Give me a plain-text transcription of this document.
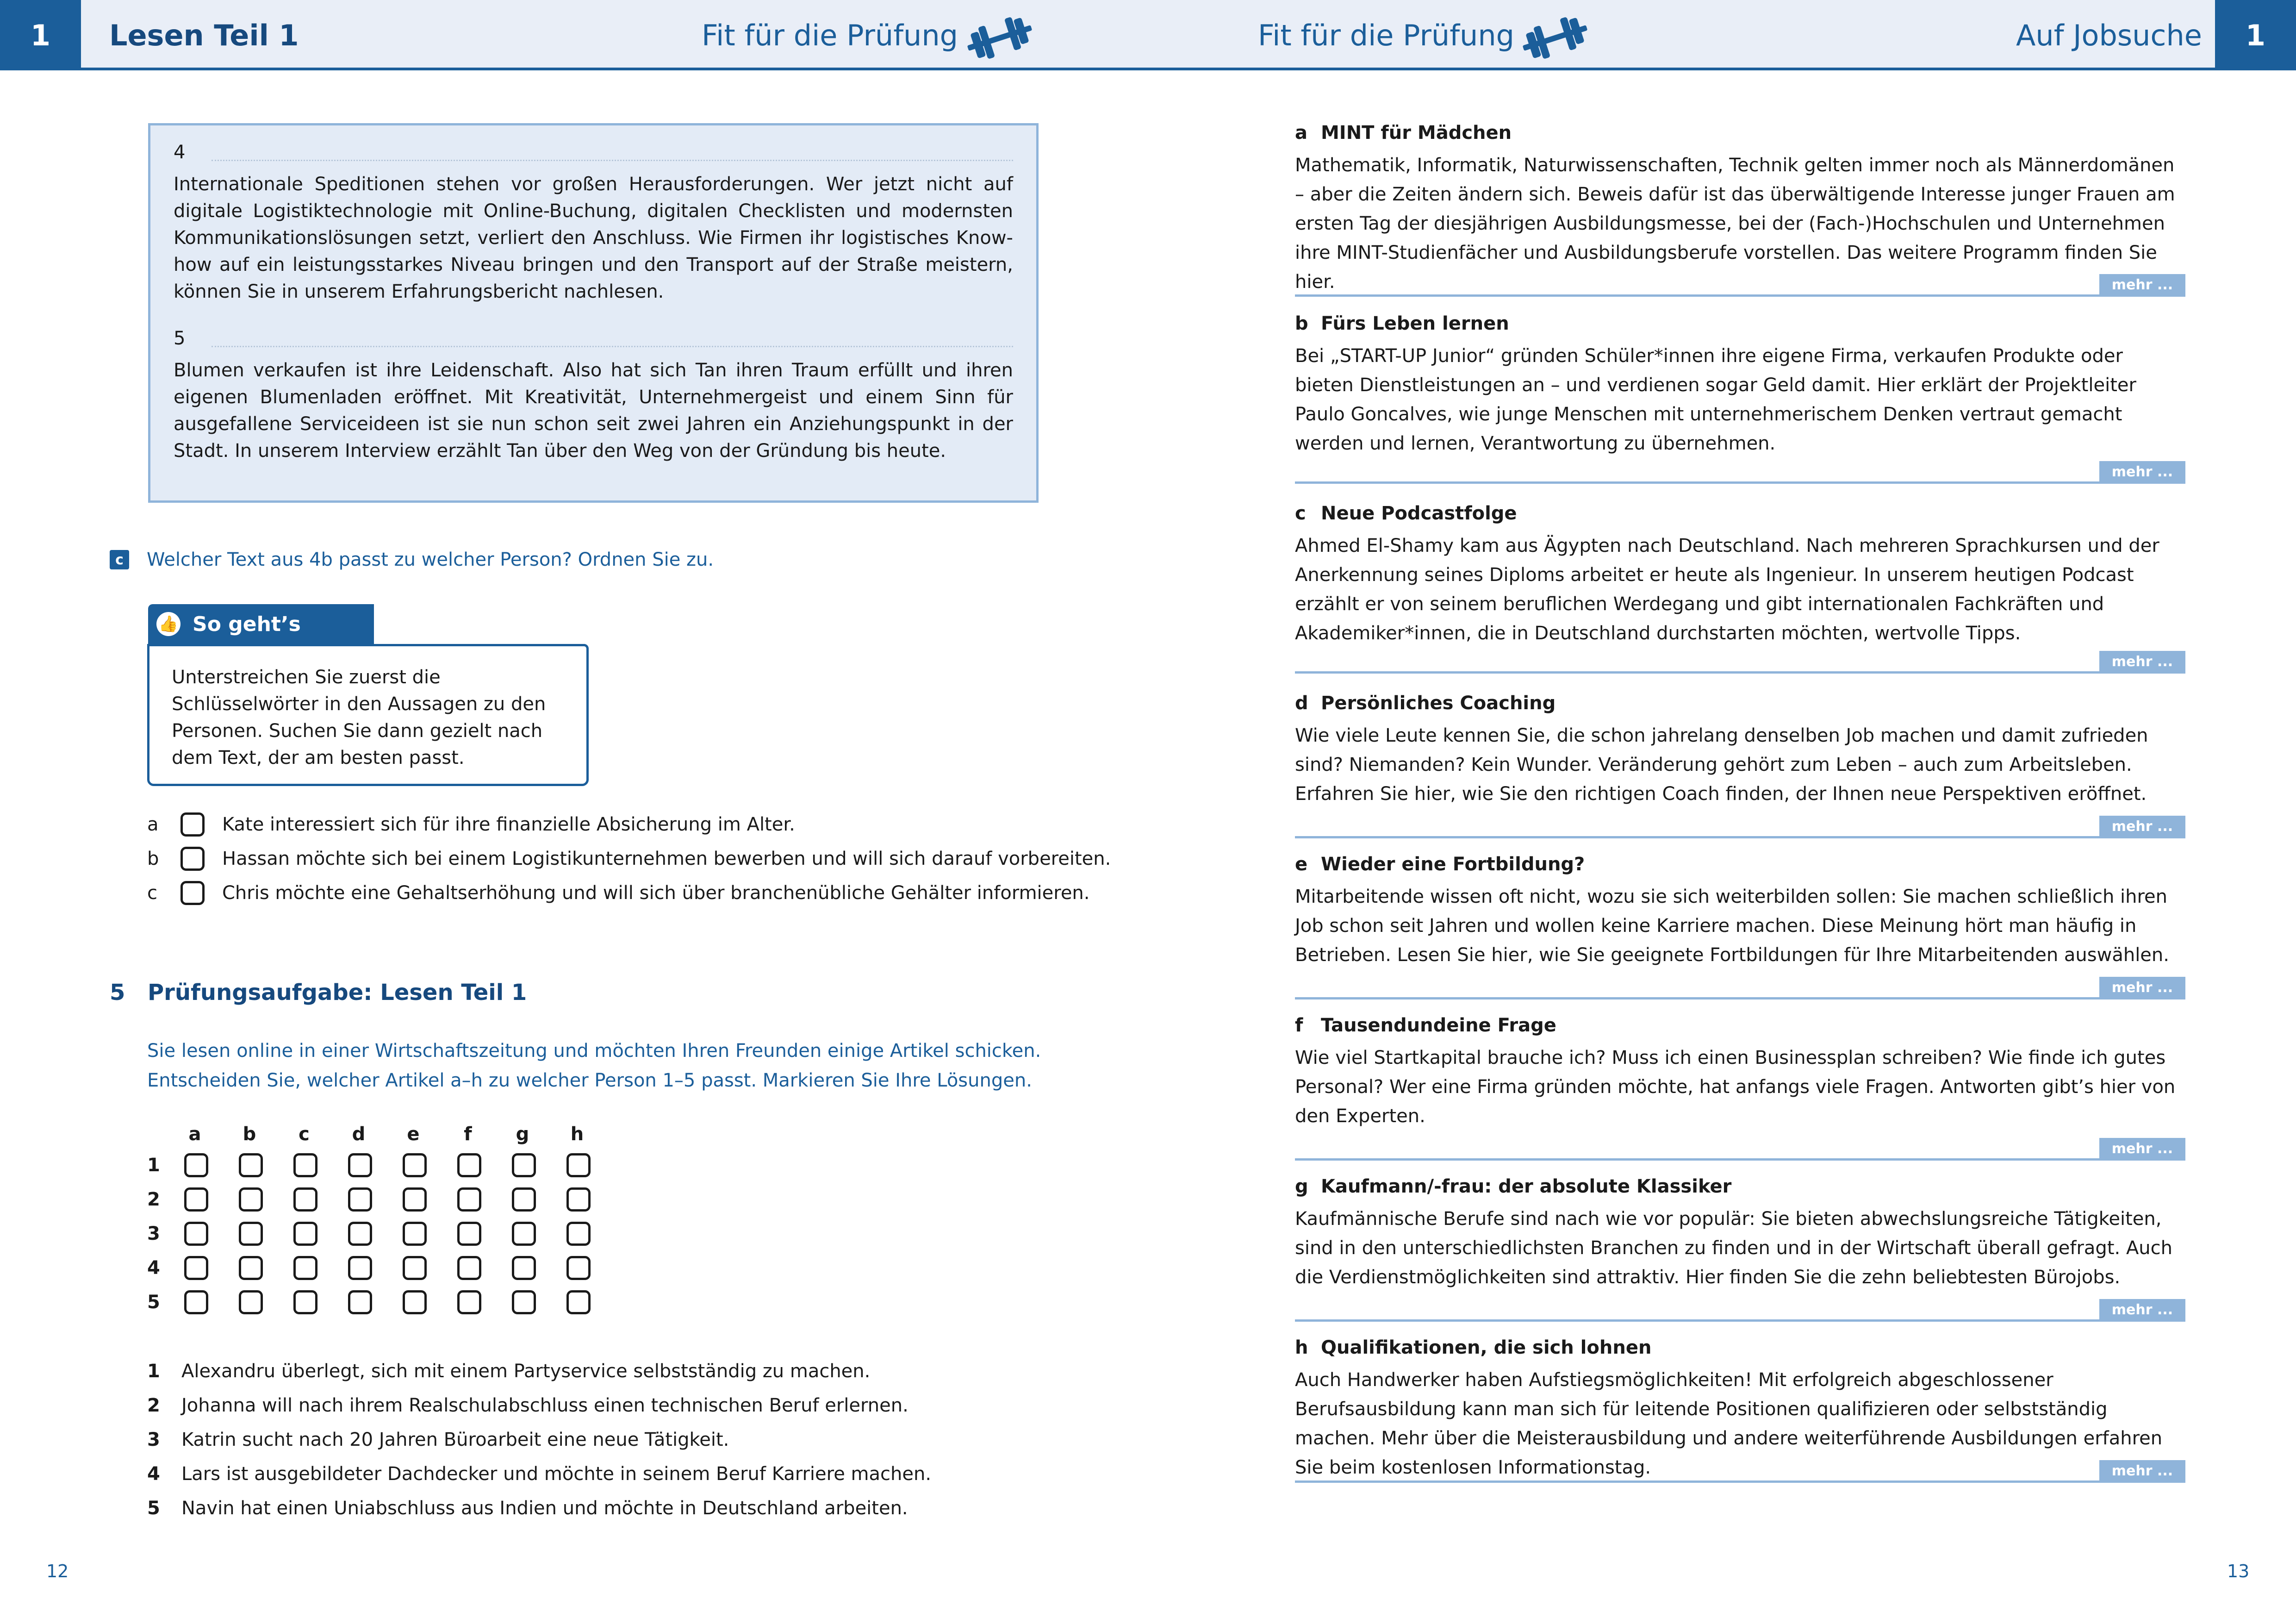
1	Lesen Teil 1	Fit für die Prüfung	Fit für die Prüfung	Auf Jobsuche	1
4

Internationale Speditionen stehen vor großen Herausforderungen. Wer jetzt nicht auf digitale Logistiktechnologie mit Online-Buchung, digitalen Checklisten und modernsten Kommunikationslösungen setzt, verliert den Anschluss. Wie Firmen ihr logistisches Know-how auf ein leistungsstarkes Niveau bringen und den Transport auf der Straße meistern, können Sie in unserem Erfahrungsbericht nachlesen.

5

Blumen verkaufen ist ihre Leidenschaft. Also hat sich Tan ihren Traum erfüllt und ihren eigenen Blumenladen eröffnet. Mit Kreativität, Unternehmergeist und einem Sinn für ausgefallene Serviceideen ist sie nun schon seit zwei Jahren ein Anziehungspunkt in der Stadt. In unserem Interview erzählt Tan über den Weg von der Gründung bis heute.

c	Welcher Text aus 4b passt zu welcher Person? Ordnen Sie zu.
👍 So geht’s
Unterstreichen Sie zuerst die Schlüsselwörter in den Aussagen zu den Personen. Suchen Sie dann gezielt nach dem Text, der am besten passt.
a	Kate interessiert sich für ihre finanzielle Absicherung im Alter.
b	Hassan möchte sich bei einem Logistikunternehmen bewerben und will sich darauf vorbereiten.
c	Chris möchte eine Gehaltserhöhung und will sich über branchenübliche Gehälter informieren.
5	Prüfungsaufgabe: Lesen Teil 1
Sie lesen online in einer Wirtschaftszeitung und möchten Ihren Freunden einige Artikel schicken.
Entscheiden Sie, welcher Artikel a–h zu welcher Person 1–5 passt. Markieren Sie Ihre Lösungen.
a	b	c	d	e	f	g	h
1
2
3
4
5
1	Alexandru überlegt, sich mit einem Partyservice selbstständig zu machen.
2	Johanna will nach ihrem Realschulabschluss einen technischen Beruf erlernen.
3	Katrin sucht nach 20 Jahren Büroarbeit eine neue Tätigkeit.
4	Lars ist ausgebildeter Dachdecker und möchte in seinem Beruf Karriere machen.
5	Navin hat einen Uniabschluss aus Indien und möchte in Deutschland arbeiten.
12
a MINT für Mädchen

Mathematik, Informatik, Naturwissenschaften, Technik gelten immer noch als Männerdomänen – aber die Zeiten ändern sich. Beweis dafür ist das überwältigende Interesse junger Frauen am ersten Tag der diesjährigen Ausbildungsmesse, bei der (Fach-)Hochschulen und Unternehmen ihre MINT-Studienfächer und Ausbildungsberufe vorstellen. Das weitere Programm finden Sie hier.	mehr ...
b Fürs Leben lernen

Bei „START-UP Junior“ gründen Schüler*innen ihre eigene Firma, verkaufen Produkte oder bieten Dienstleistungen an – und verdienen sogar Geld damit. Hier erklärt der Projektleiter Paulo Goncalves, wie junge Menschen mit unternehmerischem Denken vertraut gemacht werden und lernen, Verantwortung zu übernehmen.

mehr ...
c Neue Podcastfolge

Ahmed El-Shamy kam aus Ägypten nach Deutschland. Nach mehreren Sprachkursen und der Anerkennung seines Diploms arbeitet er heute als Ingenieur. In unserem heutigen Podcast erzählt er von seinem beruflichen Werdegang und gibt internationalen Fachkräften und Akademiker*innen, die in Deutschland durchstarten möchten, wertvolle Tipps.

mehr ...
d Persönliches Coaching

Wie viele Leute kennen Sie, die schon jahrelang denselben Job machen und damit zufrieden sind? Niemanden? Kein Wunder. Veränderung gehört zum Leben – auch zum Arbeitsleben. Erfahren Sie hier, wie Sie den richtigen Coach finden, der Ihnen neue Perspektiven eröffnet.

mehr ...
e Wieder eine Fortbildung?

Mitarbeitende wissen oft nicht, wozu sie sich weiterbilden sollen: Sie machen schließlich ihren Job schon seit Jahren und wollen keine Karriere machen. Diese Meinung hört man häufig in Betrieben. Lesen Sie hier, wie Sie geeignete Fortbildungen für Ihre Mitarbeitenden auswählen.

mehr ...
f Tausendundeine Frage

Wie viel Startkapital brauche ich? Muss ich einen Businessplan schreiben? Wie finde ich gutes Personal? Wer eine Firma gründen möchte, hat anfangs viele Fragen. Antworten gibt’s hier von den Experten.

mehr ...
g Kaufmann/-frau: der absolute Klassiker

Kaufmännische Berufe sind nach wie vor populär: Sie bieten abwechslungsreiche Tätigkeiten, sind in den unterschiedlichsten Branchen zu finden und in der Wirtschaft überall gefragt. Auch die Verdienstmöglichkeiten sind attraktiv. Hier finden Sie die zehn beliebtesten Bürojobs.

mehr ...
h Qualifikationen, die sich lohnen

Auch Handwerker haben Aufstiegsmöglichkeiten! Mit erfolgreich abgeschlossener Berufsausbildung kann man sich für leitende Positionen qualifizieren oder selbstständig machen. Mehr über die Meisterausbildung und andere weiterführende Ausbildungen erfahren Sie beim kostenlosen Informationstag.	mehr ...
13
